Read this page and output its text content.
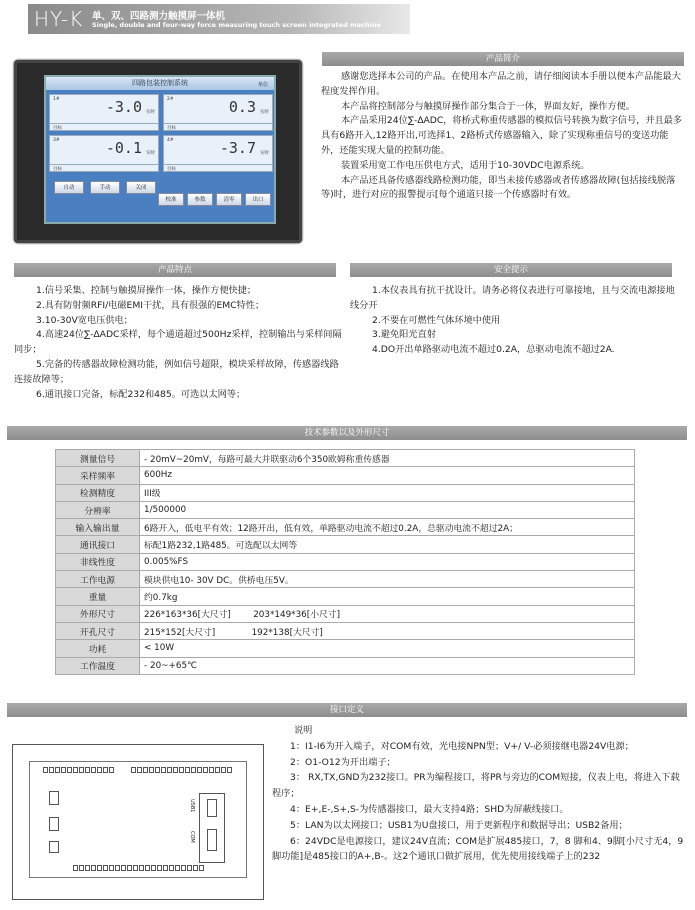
HY-K 单、双、四路测力触摸屏一体机
Single, double and four-way force measuring touch screen integrated machine
四路包装控制系统	单位
1#	-3.0 实时
目标
2#	0.3 实时
目标
3#	-0.1 实时
目标
4#	-3.7 实时
目标
自动	手动	关闭
校准	参数	清零	出口
产品简介

感谢您选择本公司的产品。在使用本产品之前，请仔细阅读本手册以便本产品能最大程度发挥作用。

本产品将控制部分与触摸屏操作部分集合于一体，界面友好，操作方便。

本产品采用24位∑-∆ADC，将桥式称重传感器的模拟信号转换为数字信号，并且最多具有6路开入,12路开出,可选择1、2路桥式传感器输入，除了实现称重信号的变送功能外，还能实现大量的控制功能。

装置采用宽工作电压供电方式，适用于10-30VDC电源系统。

本产品还具备传感器线路检测功能，即当未接传感器或者传感器故障(包括接线脱落等)时，进行对应的报警提示[每个通道只接一个传感器时有效。

产品特点

1.信号采集、控制与触摸屏操作一体，操作方便快捷；

2.具有防射频RFI/电磁EMI干扰，具有很强的EMC特性；

3.10-30V宽电压供电；

4.高速24位∑-∆ADC采样，每个通道超过500Hz采样，控制输出与采样间隔同步；

5.完备的传感器故障检测功能，例如信号超限，模块采样故障，传感器线路连接故障等；

6.通讯接口完备，标配232和485。可选以太网等；

安全提示

1.本仪表具有抗干扰设计。请务必将仪表进行可靠接地，且与交流电源接地线分开

2.不要在可燃性气体环境中使用

3.避免阳光直射

4.DO开出单路驱动电流不超过0.2A，总驱动电流不超过2A.

技术参数以及外形尺寸
测量信号	- 20mV~20mV，每路可最大并联驱动6个350欧姆称重传感器
采样频率	600Hz
检测精度	III级
分辨率	1/500000
输入输出量	6路开入，低电平有效；12路开出，低有效，单路驱动电流不超过0.2A，总驱动电流不超过2A；
通讯接口	标配1路232,1路485。可选配以太网等
非线性度	0.005%FS
工作电源	模块供电10- 30V DC。供桥电压5V。
重量	约0.7kg
外形尺寸	226*163*36[大尺寸]        203*149*36[小尺寸]
开孔尺寸	215*152[大尺寸]             192*138[大尺寸]
功耗	< 10W
工作温度	- 20~+65℃
接口定义
USB1
COM

说明

1：I1-I6为开入端子，对COM有效，光电接NPN型；V+/ V-必须接继电器24V电源；

2：O1-O12为开出端子；

3： RX,TX,GND为232接口。PR为编程接口，将PR与旁边的COM短接，仪表上电，将进入下载程序；

4：E+,E-,S+,S-为传感器接口，最大支持4路；SHD为屏蔽线接口。

5：LAN为以太网接口；USB1为U盘接口，用于更新程序和数据导出；USB2备用；

6：24VDC是电源接口，建议24V直流；COM是扩展485接口，7，8 脚和4、9脚[小尺寸无4，9脚功能]是485接口的A+,B-。这2个通讯口做扩展用，优先使用接线端子上的232
